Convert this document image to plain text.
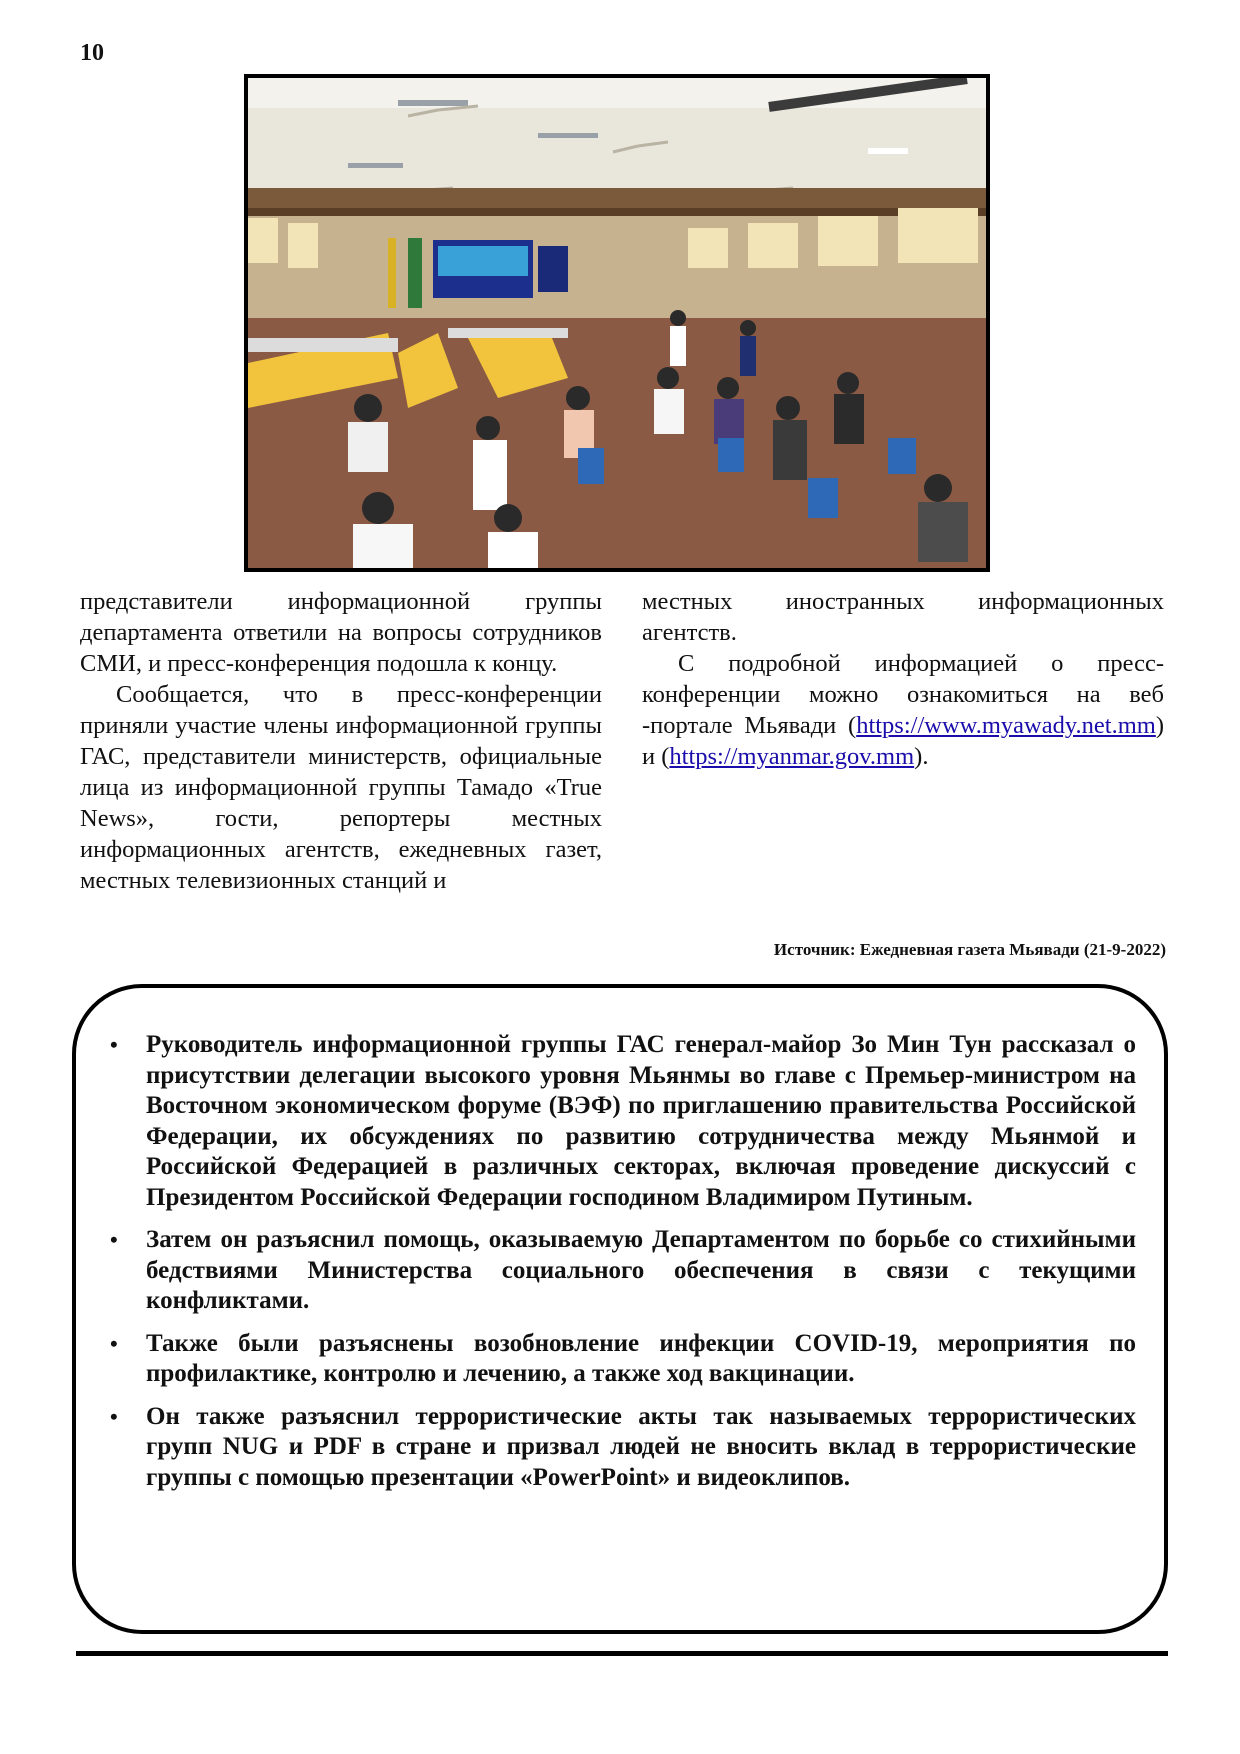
10

представители информационной группы департамента ответили на вопросы сотрудников СМИ, и пресс-конференция подошла к концу.

Сообщается, что в пресс-конференции приняли участие члены информационной группы ГАС, представители министерств, официальные лица из информационной группы Тамадо «True News», гости, репортеры местных информационных агентств, ежедневных газет, местных телевизионных станций и

местных иностранных информационных агентств.

С подробной информацией о пресс-конференции можно ознакомиться на веб -портале Мьявади (https://www.myawady.net.mm) и (https://myanmar.gov.mm).

Источник: Ежедневная газета Мьявади (21-9-2022)
• Руководитель информационной группы ГАС генерал-майор Зо Мин Тун рассказал о присутствии делегации высокого уровня Мьянмы во главе с Премьер-министром на Восточном экономическом форуме (ВЭФ) по приглашению правительства Российской Федерации, их обсуждениях по развитию сотрудничества между Мьянмой и Российской Федерацией в различных секторах, включая проведение дискуссий с Президентом Российской Федерации господином Владимиром Путиным.
• Затем он разъяснил помощь, оказываемую Департаментом по борьбе со стихийными бедствиями Министерства социального обеспечения в связи с текущими конфликтами.
• Также были разъяснены возобновление инфекции COVID-19, мероприятия по профилактике, контролю и лечению, а также ход вакцинации.
• Он также разъяснил террористические акты так называемых террористических групп NUG и PDF в стране и призвал людей не вносить вклад в террористические группы с помощью презентации «PowerPoint» и видеоклипов.
